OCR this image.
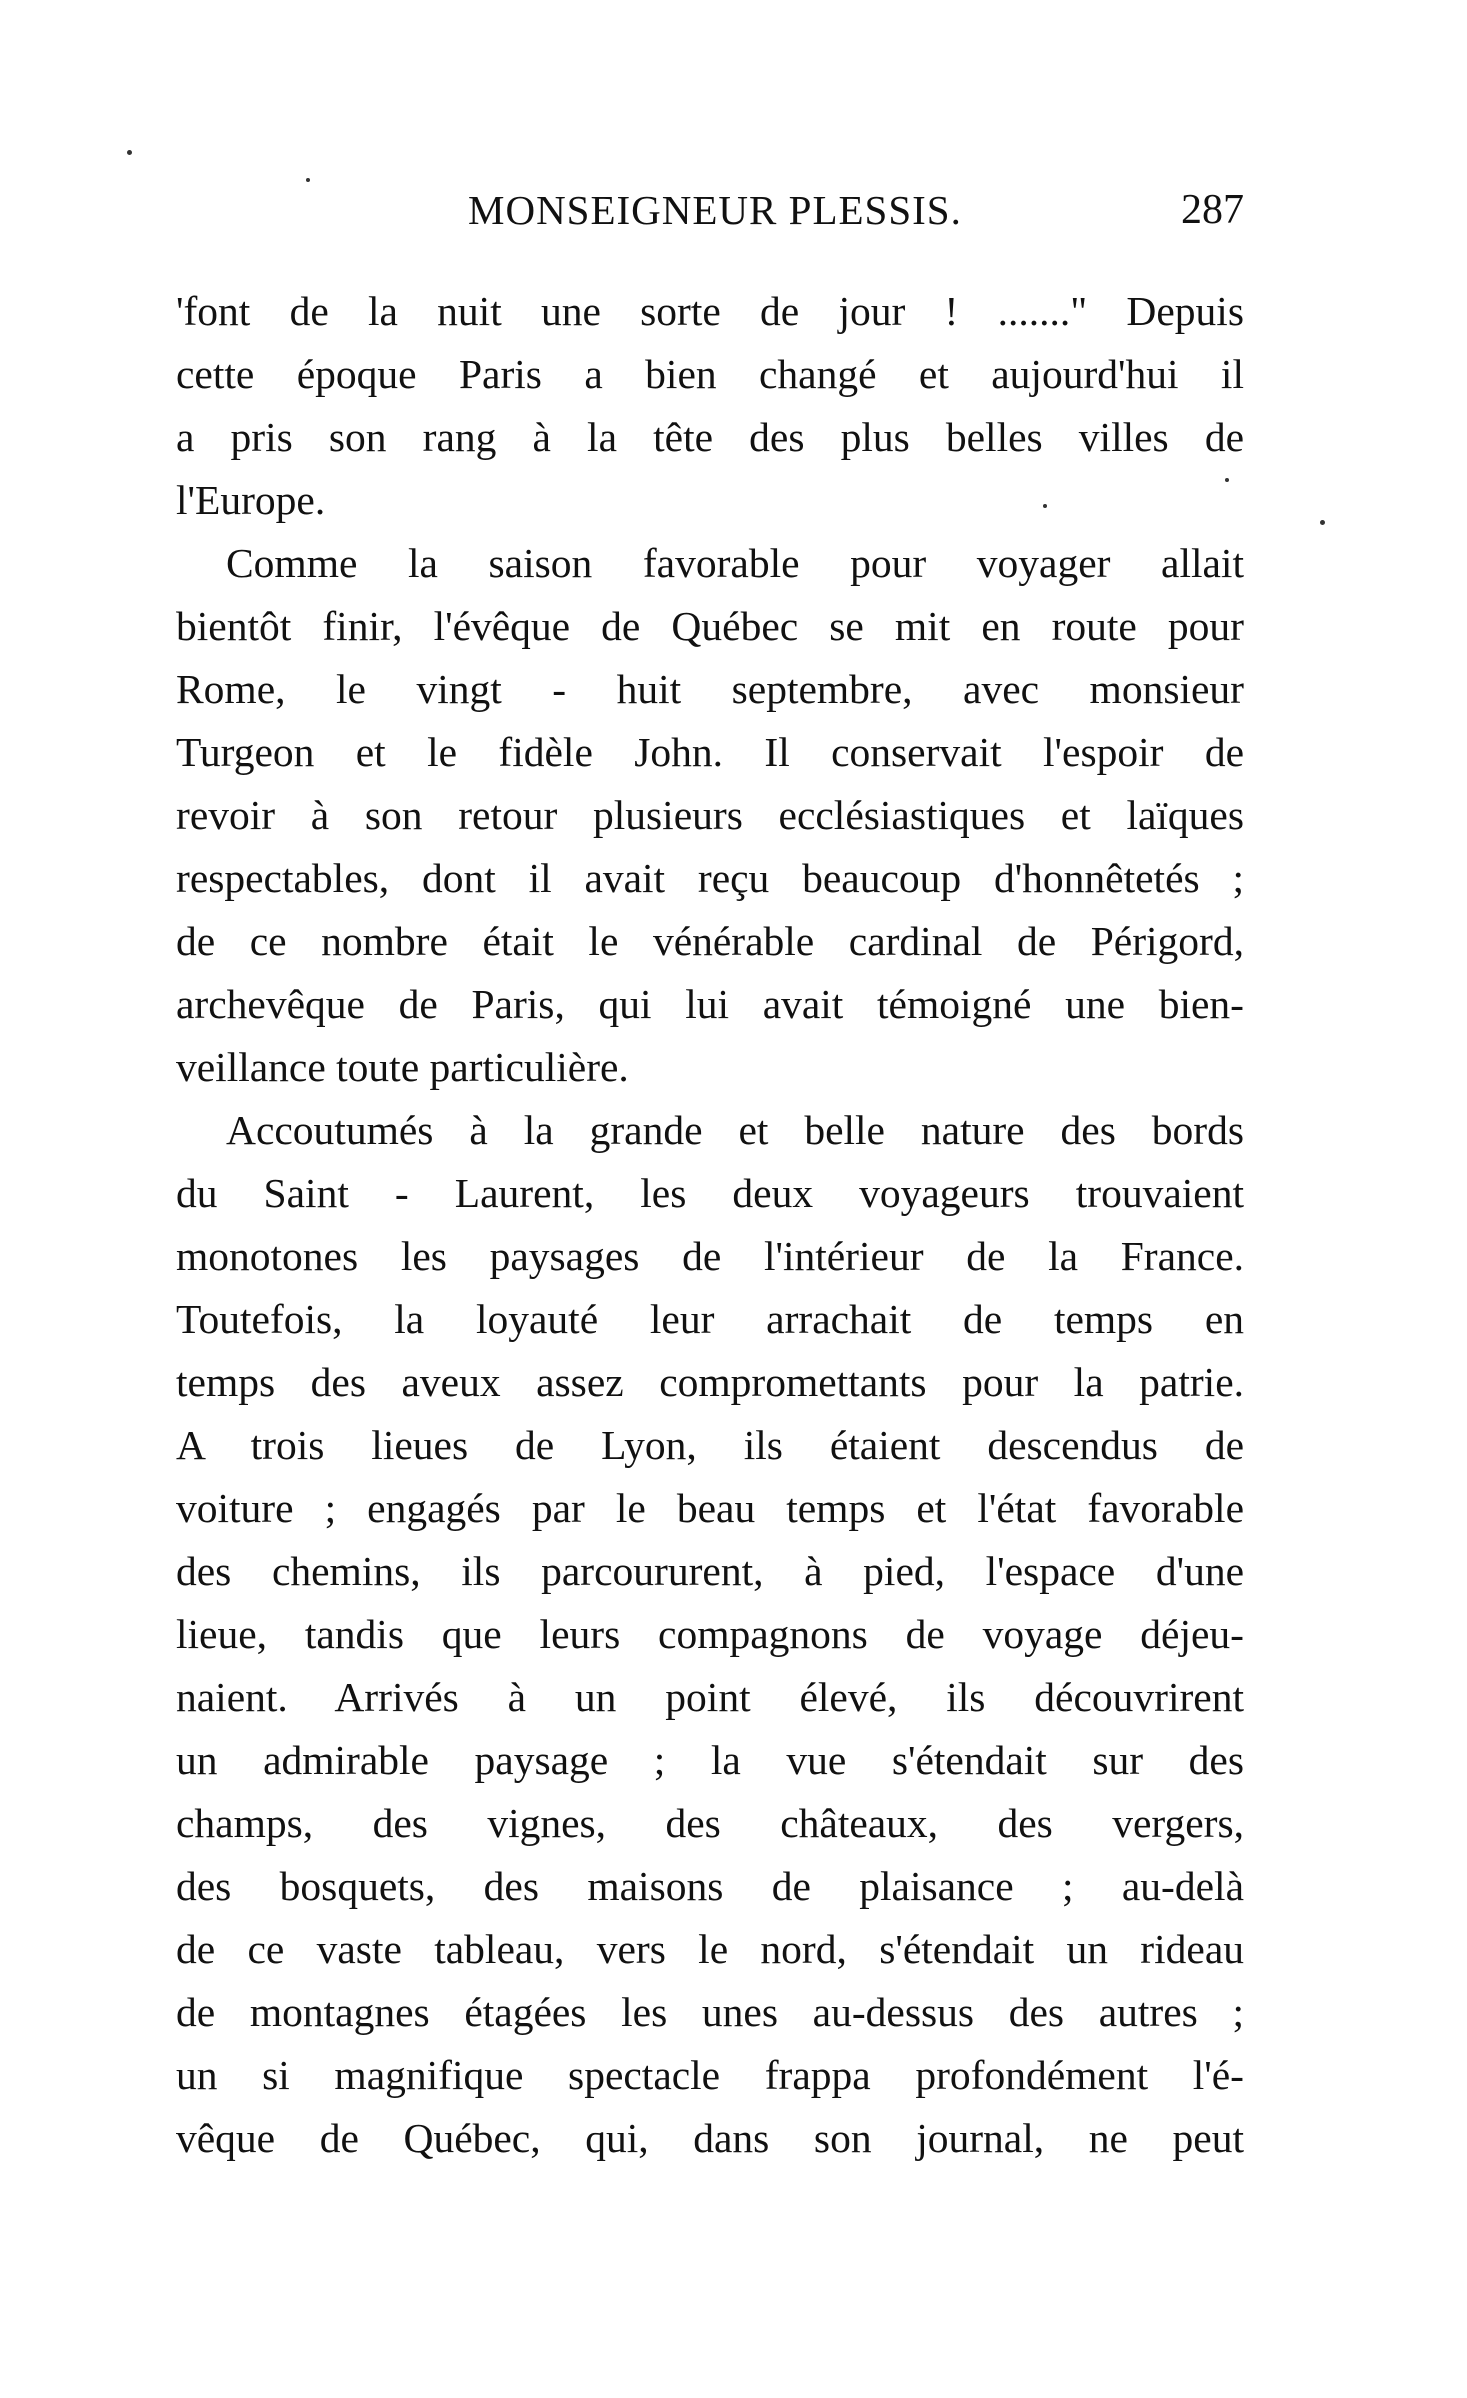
MONSEIGNEUR PLESSIS.	287
'font de la nuit une sorte de jour ! ......." Depuis
cette époque Paris a bien changé et aujourd'hui il
a pris son rang à la tête des plus belles villes de
l'Europe.
Comme la saison favorable pour voyager allait
bientôt finir, l'évêque de Québec se mit en route pour
Rome, le vingt - huit septembre, avec monsieur
Turgeon et le fidèle John. Il conservait l'espoir de
revoir à son retour plusieurs ecclésiastiques et laïques
respectables, dont il avait reçu beaucoup d'honnêtetés ;
de ce nombre était le vénérable cardinal de Périgord,
archevêque de Paris, qui lui avait témoigné une bien-
veillance toute particulière.
Accoutumés à la grande et belle nature des bords
du Saint - Laurent, les deux voyageurs trouvaient
monotones les paysages de l'intérieur de la France.
Toutefois, la loyauté leur arrachait de temps en
temps des aveux assez compromettants pour la patrie.
A trois lieues de Lyon, ils étaient descendus de
voiture ; engagés par le beau temps et l'état favorable
des chemins, ils parcoururent, à pied, l'espace d'une
lieue, tandis que leurs compagnons de voyage déjeu-
naient. Arrivés à un point élevé, ils découvrirent
un admirable paysage ; la vue s'étendait sur des
champs, des vignes, des châteaux, des vergers,
des bosquets, des maisons de plaisance ; au-delà
de ce vaste tableau, vers le nord, s'étendait un rideau
de montagnes étagées les unes au-dessus des autres ;
un si magnifique spectacle frappa profondément l'é-
vêque de Québec, qui, dans son journal, ne peut
